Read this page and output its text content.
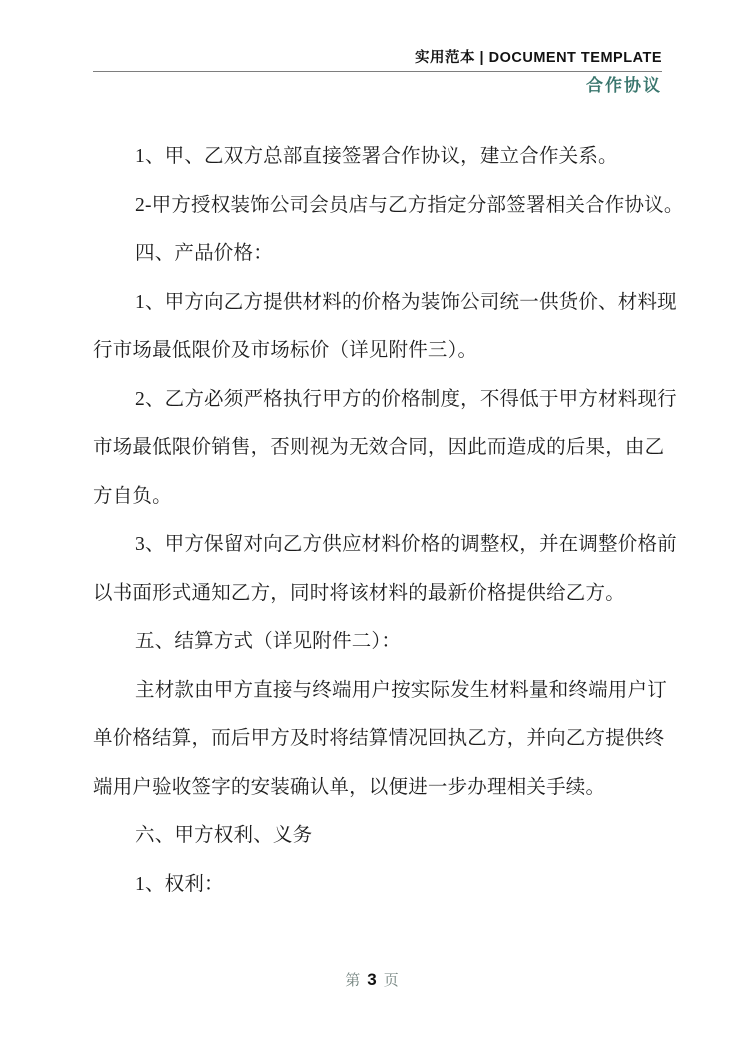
实用范本 | DOCUMENT TEMPLATE
合作协议
1、甲、乙双方总部直接签署合作协议，建立合作关系。
2-甲方授权装饰公司会员店与乙方指定分部签署相关合作协议。
四、产品价格：
1、甲方向乙方提供材料的价格为装饰公司统一供货价、材料现
行市场最低限价及市场标价（详见附件三）。
2、乙方必须严格执行甲方的价格制度，不得低于甲方材料现行
市场最低限价销售，否则视为无效合同，因此而造成的后果，由乙
方自负。
3、甲方保留对向乙方供应材料价格的调整权，并在调整价格前
以书面形式通知乙方，同时将该材料的最新价格提供给乙方。
五、结算方式（详见附件二）：
主材款由甲方直接与终端用户按实际发生材料量和终端用户订
单价格结算，而后甲方及时将结算情况回执乙方，并向乙方提供终
端用户验收签字的安装确认单，以便进一步办理相关手续。
六、甲方权利、义务
1、权利：
第 3 页
